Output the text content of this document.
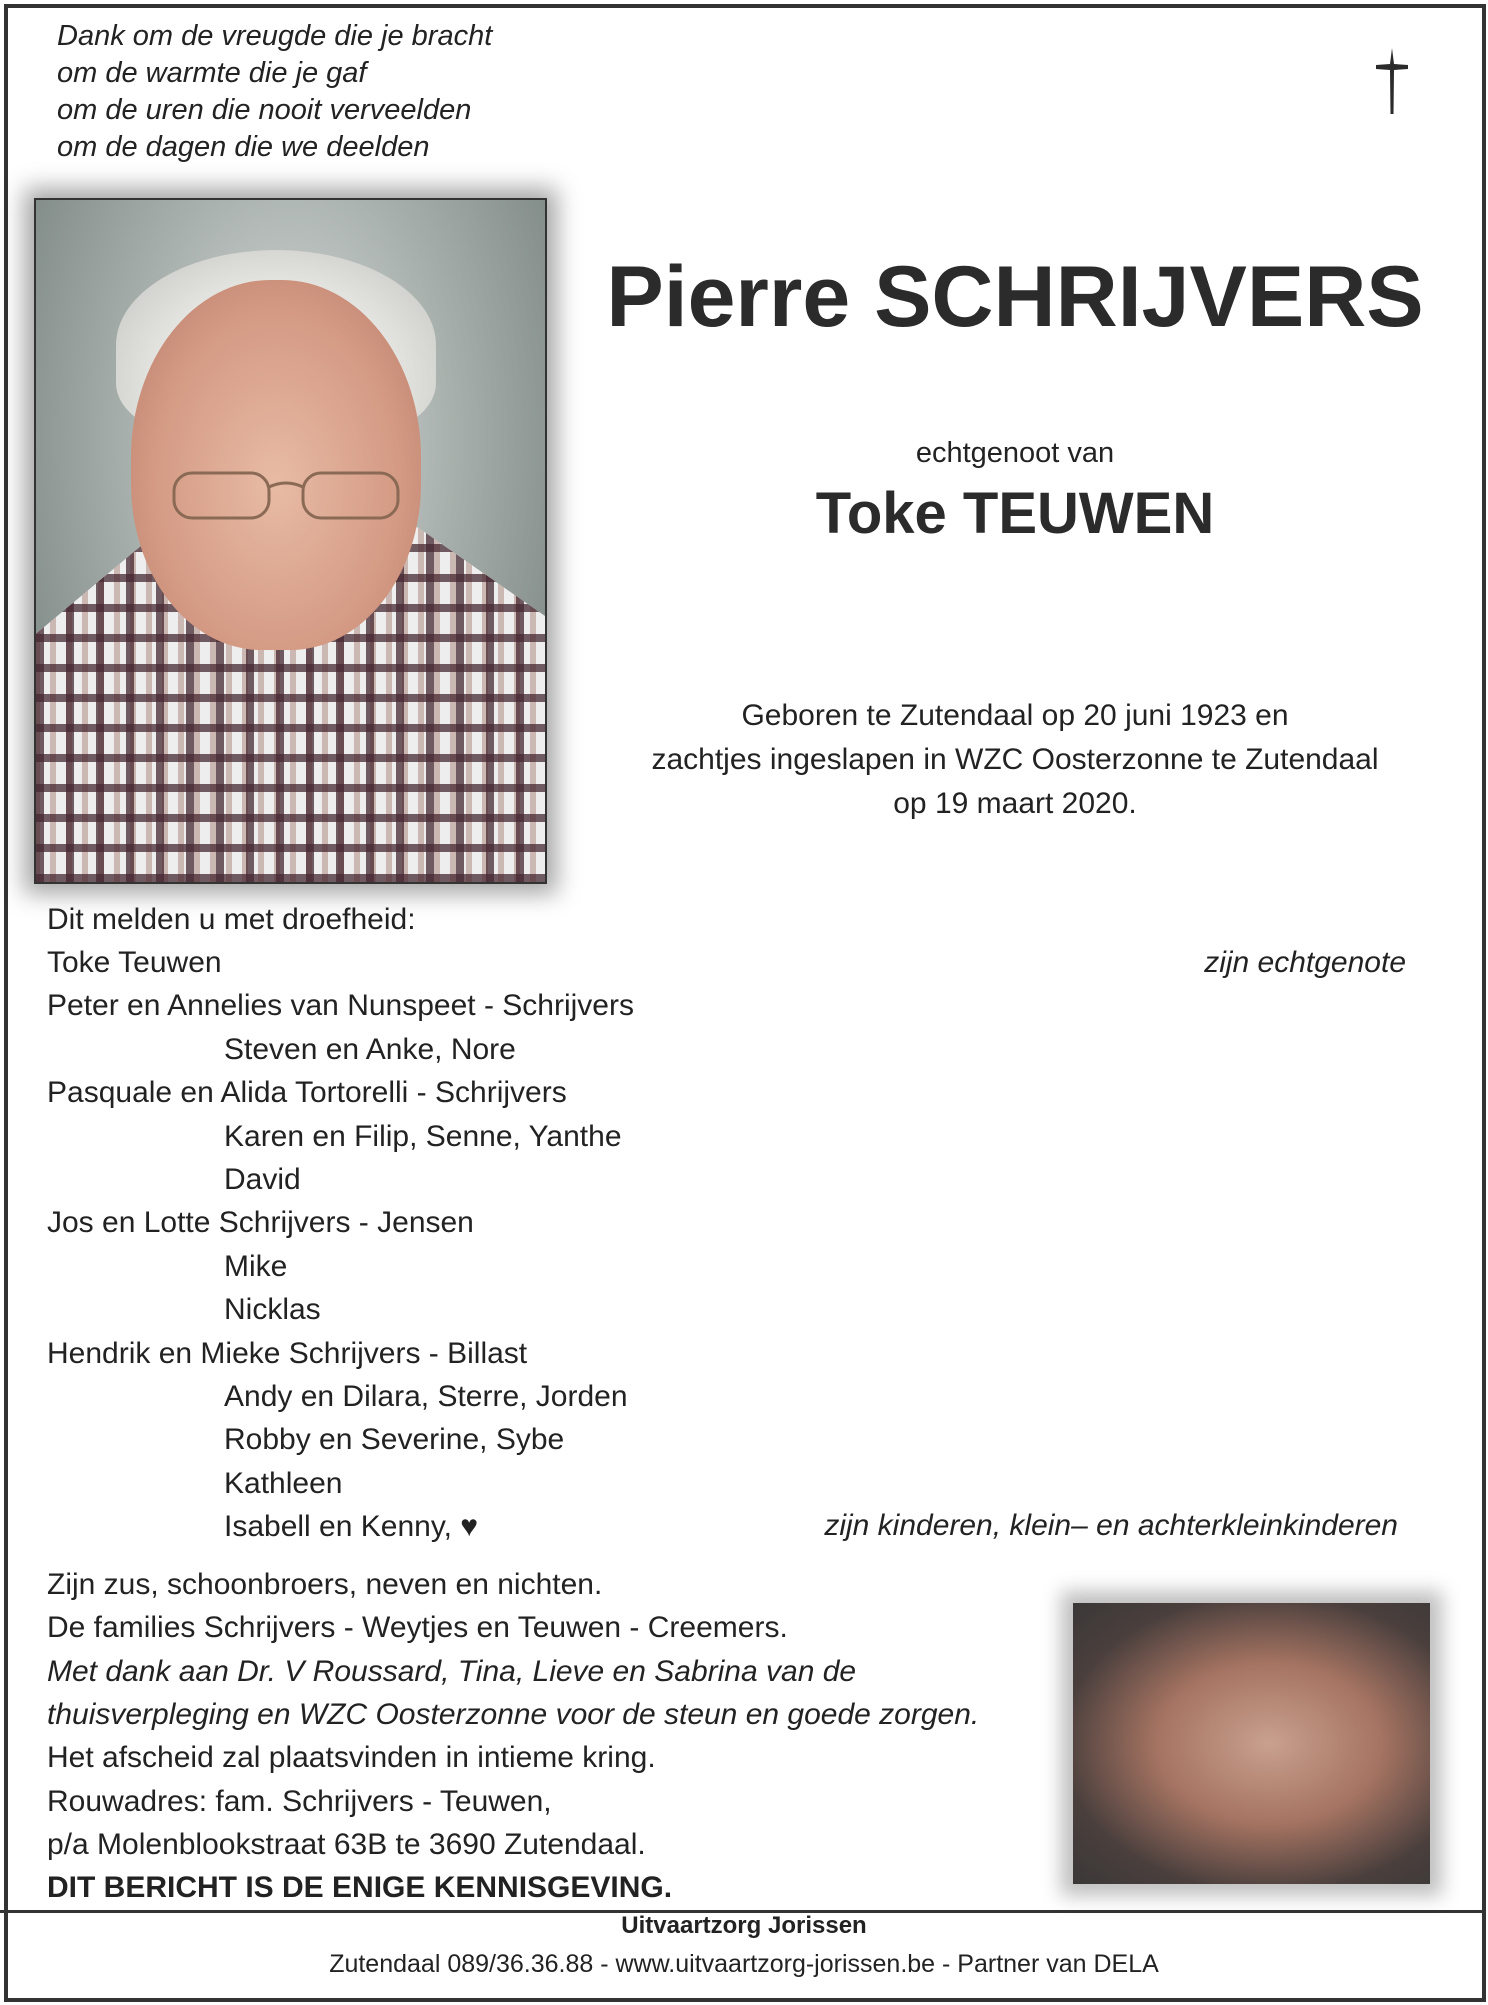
Dank om de vreugde die je bracht
om de warmte die je gaf
om de uren die nooit verveelden
om de dagen die we deelden
Pierre SCHRIJVERS
echtgenoot van
Toke TEUWEN
Geboren te Zutendaal op 20 juni 1923 en
zachtjes ingeslapen in WZC Oosterzonne te Zutendaal
op 19 maart 2020.
Dit melden u met droefheid:
Toke Teuwen
Peter en Annelies van Nunspeet - Schrijvers
Steven en Anke, Nore
Pasquale en Alida Tortorelli - Schrijvers
Karen en Filip, Senne, Yanthe
David
Jos en Lotte Schrijvers - Jensen
Mike
Nicklas
Hendrik en Mieke Schrijvers - Billast
Andy en Dilara, Sterre, Jorden
Robby en Severine, Sybe
Kathleen
Isabell en Kenny, ♥
zijn echtgenote
zijn kinderen, klein– en achterkleinkinderen
Zijn zus, schoonbroers, neven en nichten.
De families Schrijvers - Weytjes en Teuwen - Creemers.
Met dank aan Dr. V Roussard, Tina, Lieve en Sabrina van de
thuisverpleging en WZC Oosterzonne voor de steun en goede zorgen.
Het afscheid zal plaatsvinden in intieme kring.
Rouwadres: fam. Schrijvers - Teuwen,
p/a Molenblookstraat 63B te 3690 Zutendaal.
DIT BERICHT IS DE ENIGE KENNISGEVING.
Uitvaartzorg Jorissen
Zutendaal 089/36.36.88 - www.uitvaartzorg-jorissen.be - Partner van DELA
